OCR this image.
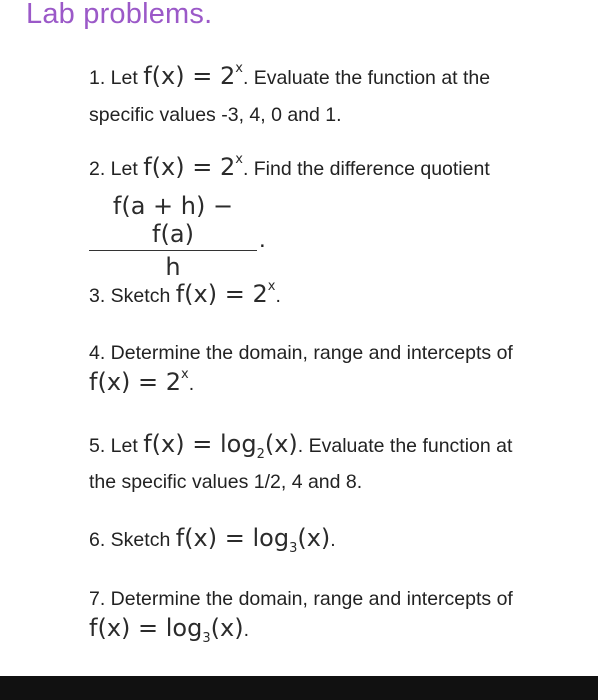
Lab problems.
1. Let $f(x) = 2^x$. Evaluate the function at the
specific values -3, 4, 0 and 1.
2. Let $f(x) = 2^x$. Find the difference quotient
$\frac{f(a + h) - f(a)}{h}$ .
3. Sketch $f(x) = 2^x$.
4. Determine the domain, range and intercepts of
$f(x) = 2^x$.
5. Let $f(x) = \log_2(x)$. Evaluate the function at
the specific values 1/2, 4 and 8.
6. Sketch $f(x) = \log_3(x)$.
7. Determine the domain, range and intercepts of
$f(x) = \log_3(x)$.
